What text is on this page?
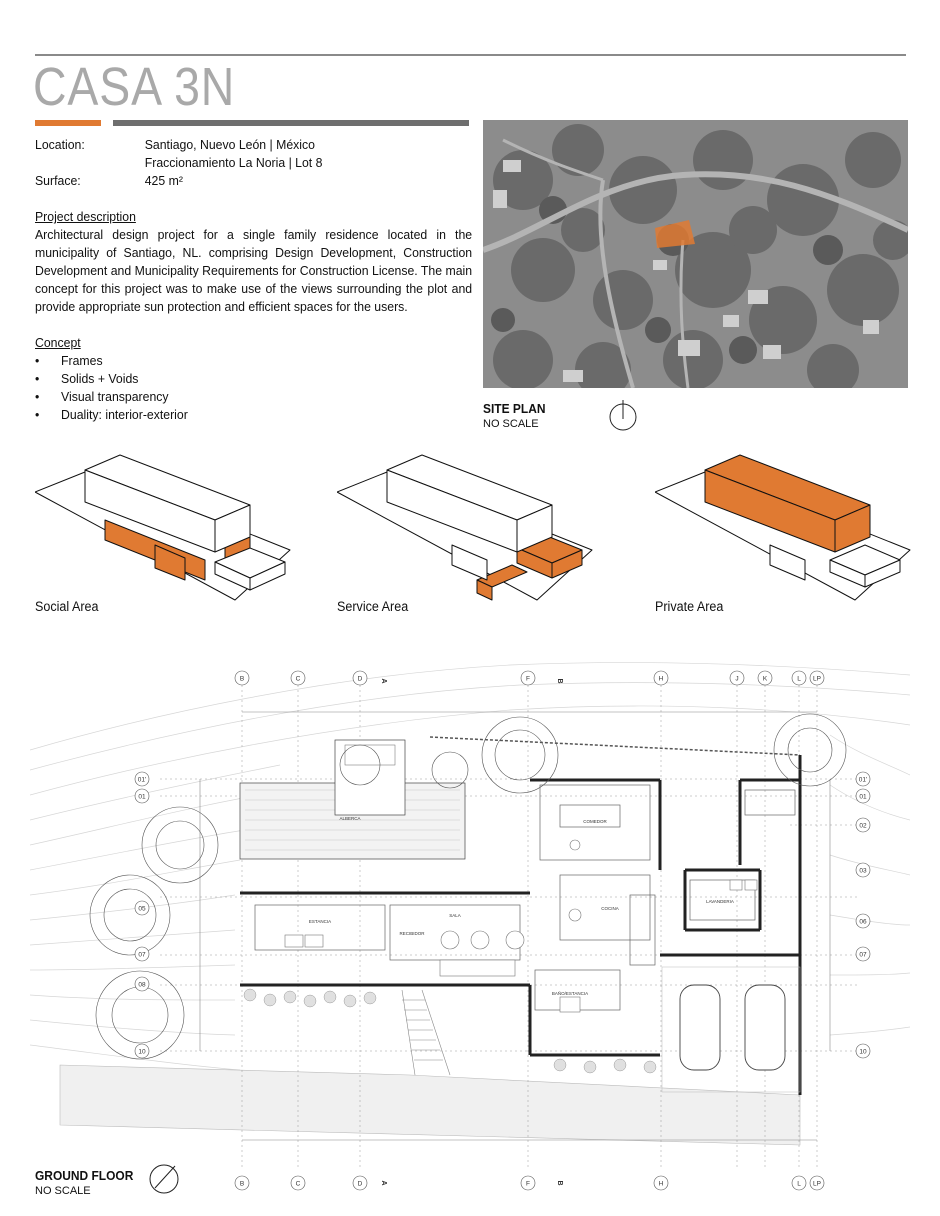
CASA 3N
Location:	Santiago, Nuevo León | México
Fraccionamiento La Noria | Lot 8
Surface:	425 m²
Project description
Architectural design project for a single family residence located in the municipality of Santiago, NL. comprising Design Development, Construction Development and Municipality Requirements for Construction License. The main concept for this project was to make use of the views surrounding the plot and provide appropriate sun protection and efficient spaces for the users.
Concept
•	Frames
•	Solids + Voids
•	Visual transparency
•	Duality: interior-exterior	SITE PLAN
NO SCALE
Social Area	Service Area	Private Area
B	C	D	F	H	J	K	L LP
B	C	D	F	H	L LP
01'
01
02
03
06
07
10
01'
01
05
07
08
10
A	B
A	B
ALBERCA
ESTANCIA
RECIBIDOR
SALA
COMEDOR
COCINA
LAVANDERIA
BAÑO/ESTANCIA
GROUND FLOOR
NO SCALE
